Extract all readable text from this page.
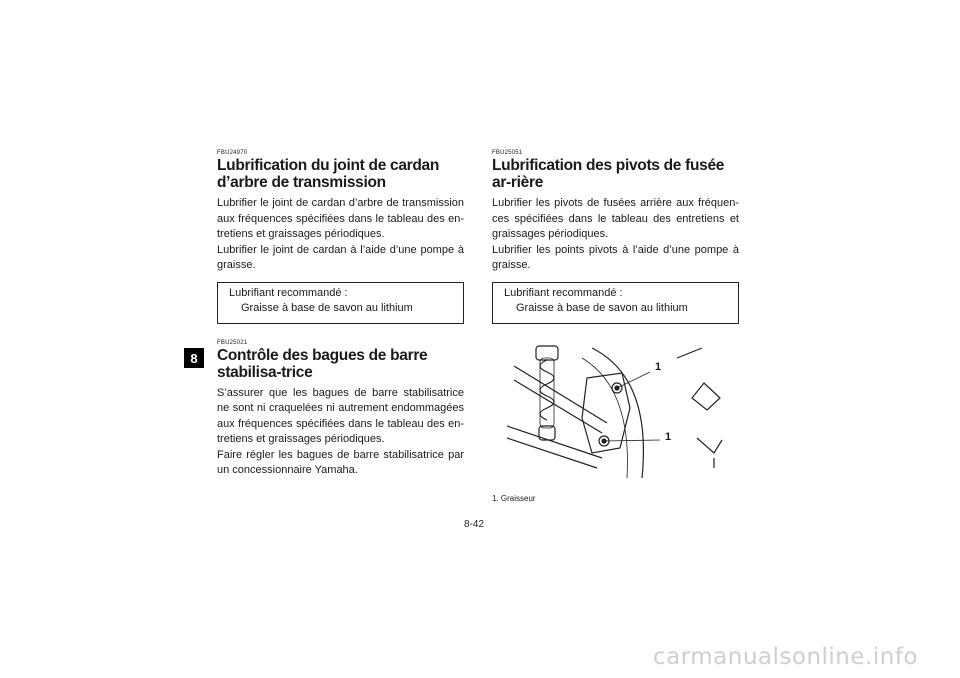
8
FBU24970
Lubrification du joint de cardan d’arbre de transmission

Lubrifier le joint de cardan d’arbre de transmission aux fréquences spécifiées dans le tableau des en-tretiens et graissages périodiques.

Lubrifier le joint de cardan à l’aide d’une pompe à graisse.

Lubrifiant recommandé :
Graisse à base de savon au lithium
FBU25021
Contrôle des bagues de barre stabilisa-trice

S’assurer que les bagues de barre stabilisatrice ne sont ni craquelées ni autrement endommagées aux fréquences spécifiées dans le tableau des en-tretiens et graissages périodiques.

Faire régler les bagues de barre stabilisatrice par un concessionnaire Yamaha.

FBU25051
Lubrification des pivots de fusée ar-rière

Lubrifier les pivots de fusées arrière aux fréquen-ces spécifiées dans le tableau des entretiens et graissages périodiques.

Lubrifier les points pivots à l’aide d’une pompe à graisse.

Lubrifiant recommandé :
Graisse à base de savon au lithium
1
1
1. Graisseur
8-42
carmanualsonline.info
